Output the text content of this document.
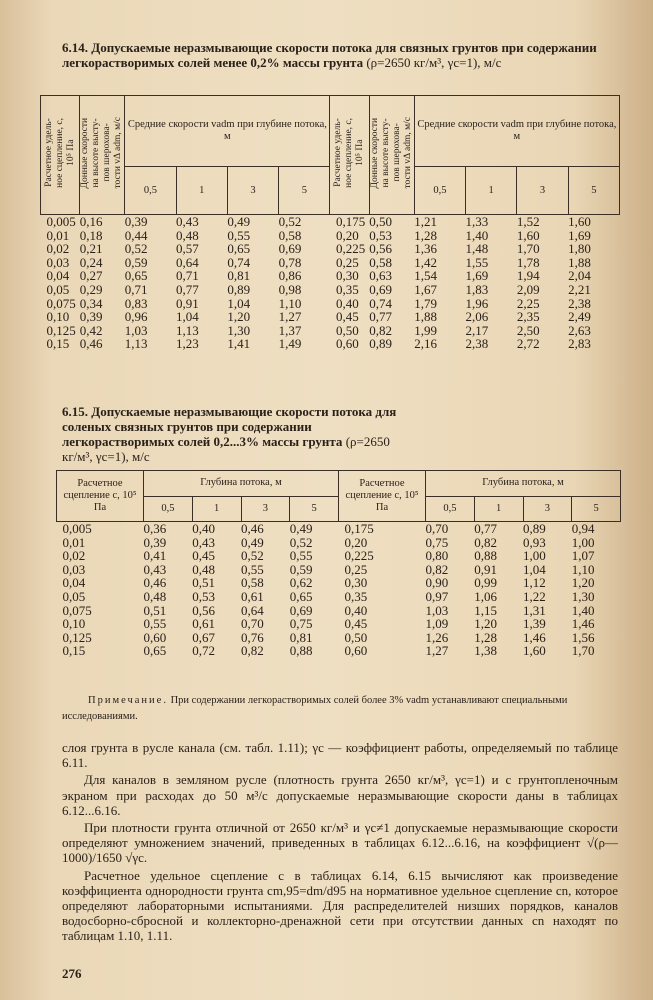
6.14. Допускаемые неразмывающие скорости потока для связных грунтов при содержании легкорастворимых солей менее 0,2% массы грунта (ρ=2650 кг/м³, γc=1), м/с
Расчетное удель-
ное сцепление, c,
10⁵ Па	Донные скорости
на высоте высту-
пов шерохова-
тости vΔ adm, м/с	Средние скорости vadm при глубине потока, м				Расчетное удель-
ное сцепление, c,
10⁵ Па	Донные скорости
на высоте высту-
пов шерохова-
тости vΔ adm, м/с	Средние скорости vadm при глубине потока, м			
		0,5	1	3	5			0,5	1	3	5
0,005	0,16	0,39	0,43	0,49	0,52	0,175	0,50	1,21	1,33	1,52	1,60
0,01	0,18	0,44	0,48	0,55	0,58	0,20	0,53	1,28	1,40	1,60	1,69
0,02	0,21	0,52	0,57	0,65	0,69	0,225	0,56	1,36	1,48	1,70	1,80
0,03	0,24	0,59	0,64	0,74	0,78	0,25	0,58	1,42	1,55	1,78	1,88
0,04	0,27	0,65	0,71	0,81	0,86	0,30	0,63	1,54	1,69	1,94	2,04
0,05	0,29	0,71	0,77	0,89	0,98	0,35	0,69	1,67	1,83	2,09	2,21
0,075	0,34	0,83	0,91	1,04	1,10	0,40	0,74	1,79	1,96	2,25	2,38
0,10	0,39	0,96	1,04	1,20	1,27	0,45	0,77	1,88	2,06	2,35	2,49
0,125	0,42	1,03	1,13	1,30	1,37	0,50	0,82	1,99	2,17	2,50	2,63
0,15	0,46	1,13	1,23	1,41	1,49	0,60	0,89	2,16	2,38	2,72	2,83
6.15. Допускаемые неразмывающие скорости потока для соленых связных грунтов при содержании легкорастворимых солей 0,2...3% массы грунта (ρ=2650 кг/м³, γc=1), м/с
Расчетное сцепление c, 10⁵ Па	Глубина потока, м				Расчетное сцепление c, 10⁵ Па	Глубина потока, м			
	0,5	1	3	5		0,5	1	3	5
0,005	0,36	0,40	0,46	0,49	0,175	0,70	0,77	0,89	0,94
0,01	0,39	0,43	0,49	0,52	0,20	0,75	0,82	0,93	1,00
0,02	0,41	0,45	0,52	0,55	0,225	0,80	0,88	1,00	1,07
0,03	0,43	0,48	0,55	0,59	0,25	0,82	0,91	1,04	1,10
0,04	0,46	0,51	0,58	0,62	0,30	0,90	0,99	1,12	1,20
0,05	0,48	0,53	0,61	0,65	0,35	0,97	1,06	1,22	1,30
0,075	0,51	0,56	0,64	0,69	0,40	1,03	1,15	1,31	1,40
0,10	0,55	0,61	0,70	0,75	0,45	1,09	1,20	1,39	1,46
0,125	0,60	0,67	0,76	0,81	0,50	1,26	1,28	1,46	1,56
0,15	0,65	0,72	0,82	0,88	0,60	1,27	1,38	1,60	1,70
Примечание. При содержании легкорастворимых солей более 3% vadm устанавливают специальными исследованиями.

слоя грунта в русле канала (см. табл. 1.11); γc — коэффициент работы, определяемый по таблице 6.11.

Для каналов в земляном русле (плотность грунта 2650 кг/м³, γc=1) и с грунтопленочным экраном при расходах до 50 м³/с допускаемые неразмывающие скорости даны в таблицах 6.12...6.16.

При плотности грунта отличной от 2650 кг/м³ и γc≠1 допускаемые неразмывающие скорости определяют умножением значений, приведенных в таблицах 6.12...6.16, на коэффициент √(ρ—1000)/1650 √γc.

Расчетное удельное сцепление c в таблицах 6.14, 6.15 вычисляют как произведение коэффициента однородности грунта cm,95=dm/d95 на нормативное удельное сцепление cn, которое определяют лабораторными испытаниями. Для распределителей низших порядков, каналов водосборно-сбросной и коллекторно-дренажной сети при отсутствии данных cn находят по таблицам 1.10, 1.11.

276
